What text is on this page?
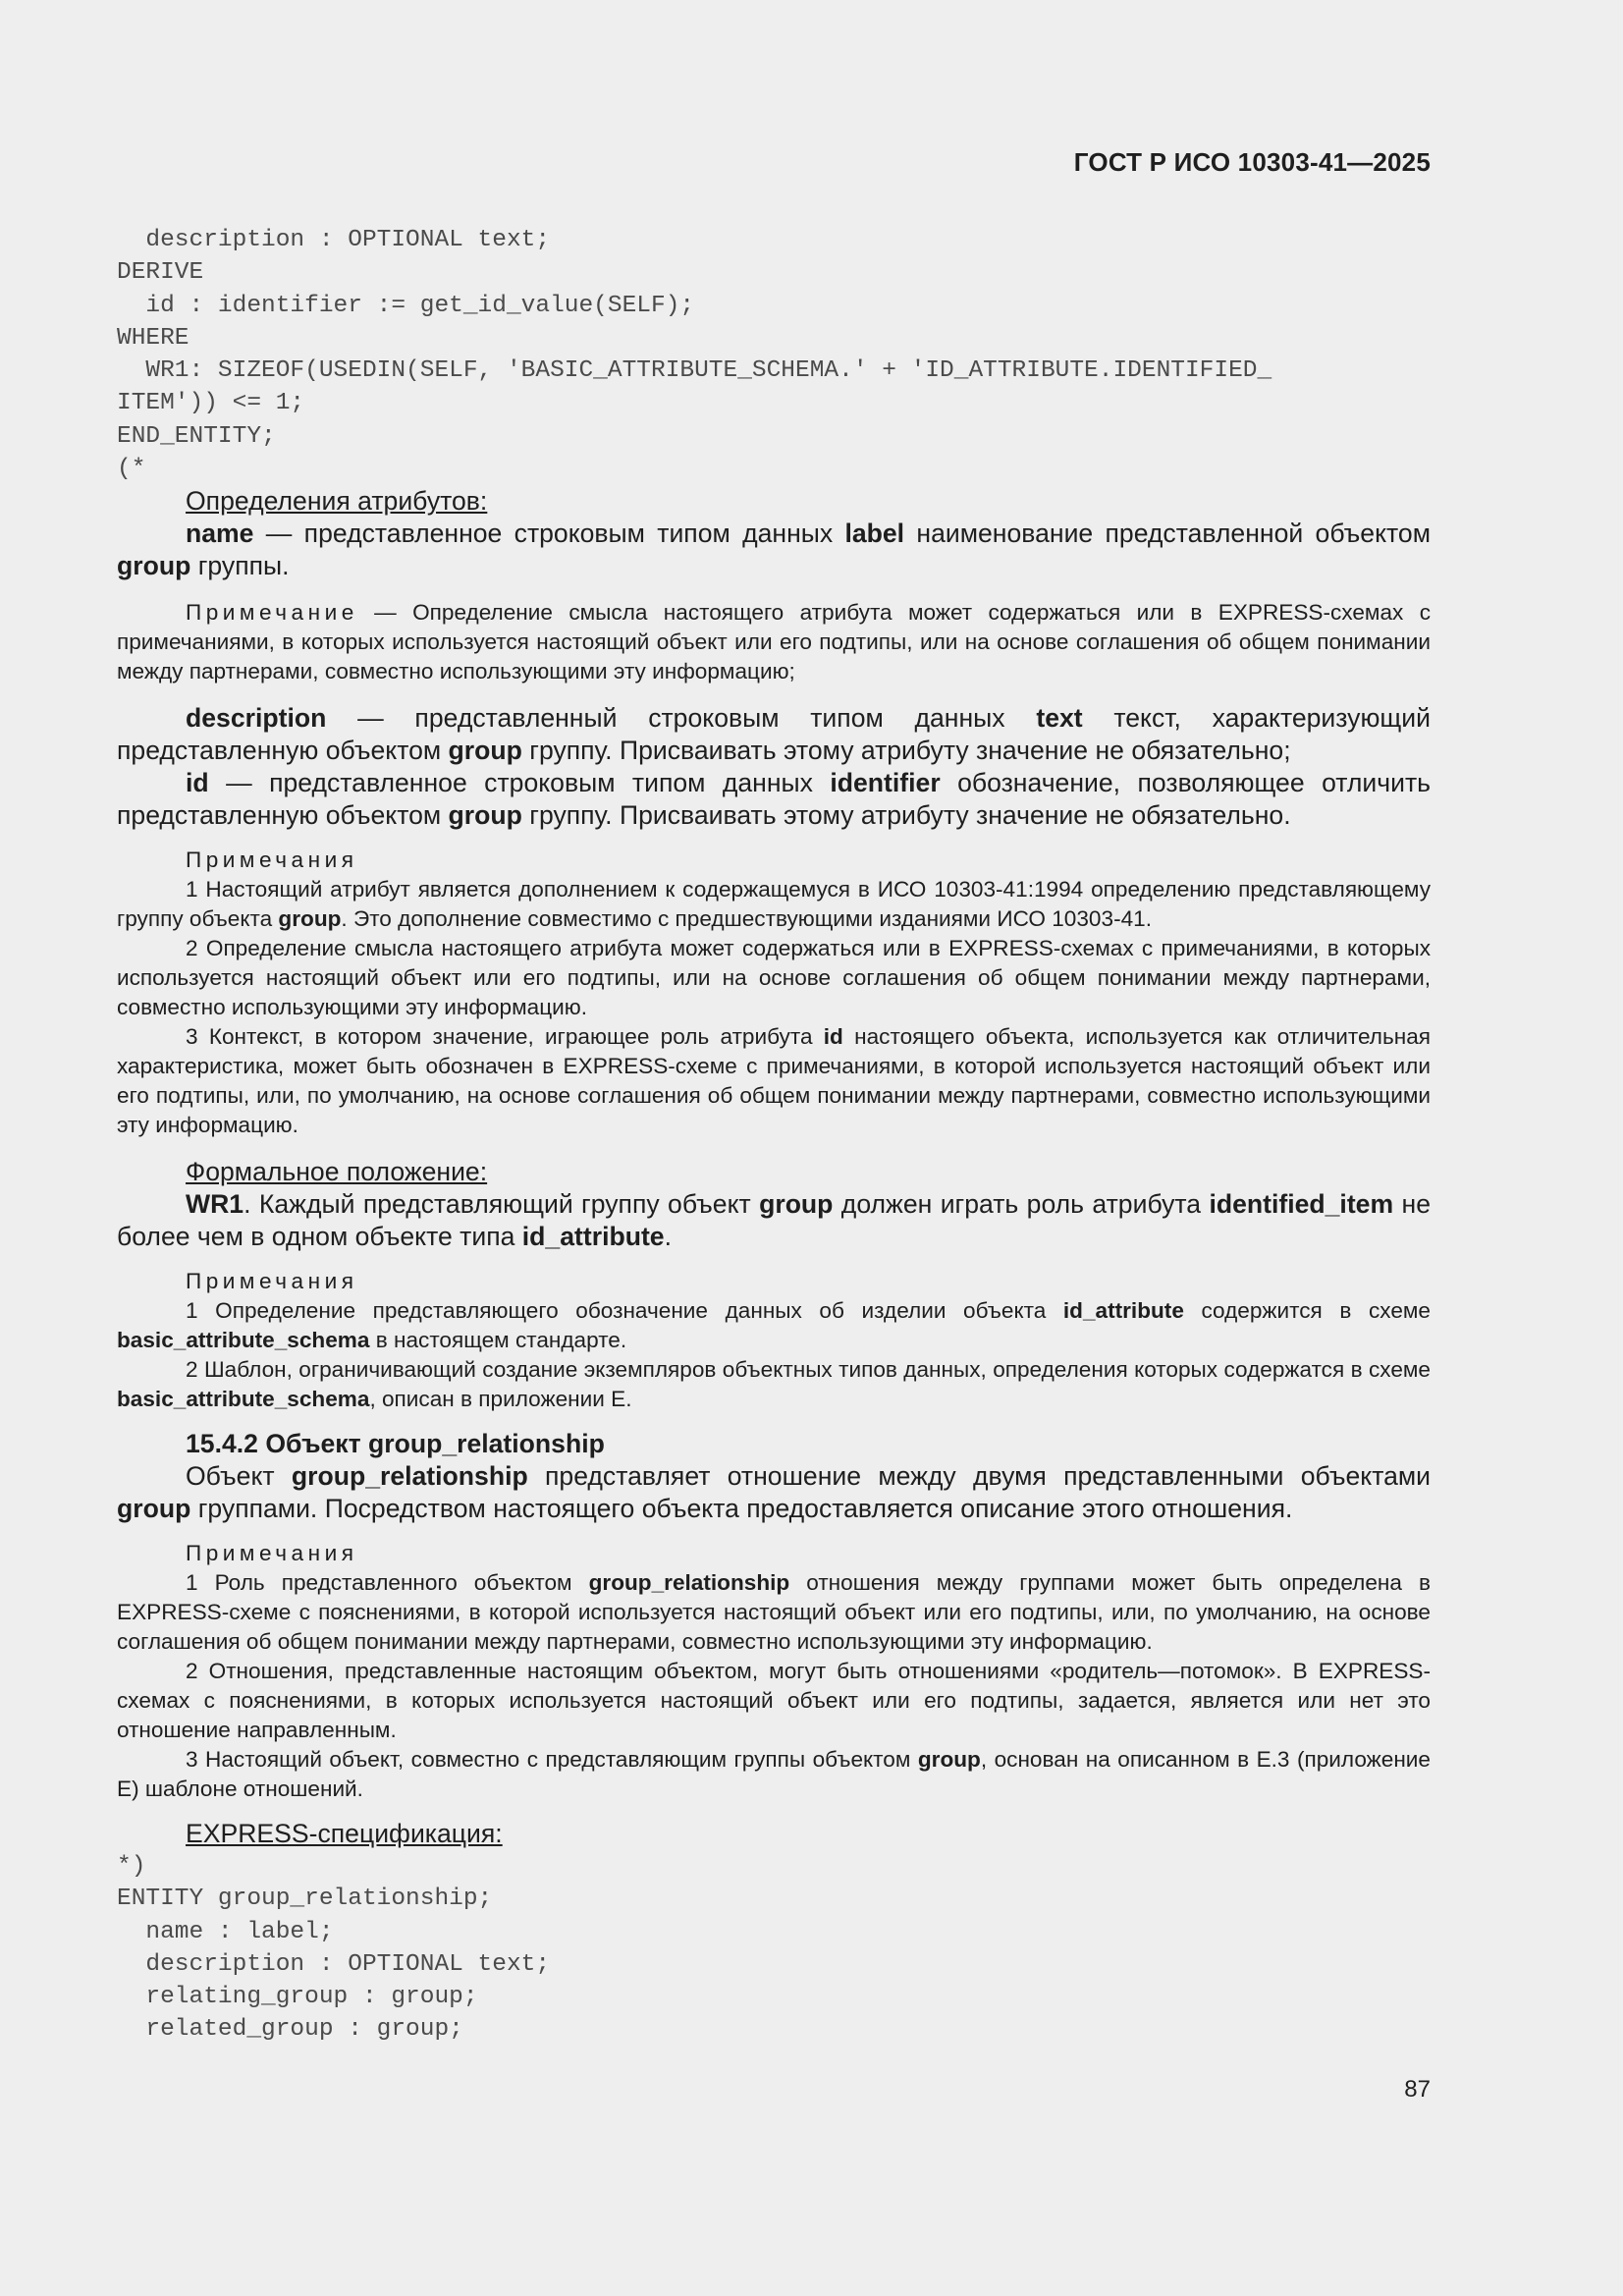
ГОСТ Р ИСО 10303-41—2025
description : OPTIONAL text;
DERIVE
id : identifier := get_id_value(SELF);
WHERE
WR1: SIZEOF(USEDIN(SELF, 'BASIC_ATTRIBUTE_SCHEMA.' + 'ID_ATTRIBUTE.IDENTIFIED_
ITEM')) <= 1;
END_ENTITY;
(*

Определения атрибутов:

name — представленное строковым типом данных label наименование представленной объектом group группы.

Примечание — Определение смысла настоящего атрибута может содержаться или в EXPRESS-схемах с примечаниями, в которых используется настоящий объект или его подтипы, или на основе соглашения об общем понимании между партнерами, совместно использующими эту информацию;

description — представленный строковым типом данных text текст, характеризующий представленную объектом group группу. Присваивать этому атрибуту значение не обязательно;

id — представленное строковым типом данных identifier обозначение, позволяющее отличить представленную объектом group группу. Присваивать этому атрибуту значение не обязательно.

Примечания

1 Настоящий атрибут является дополнением к содержащемуся в ИСО 10303-41:1994 определению представляющему группу объекта group. Это дополнение совместимо с предшествующими изданиями ИСО 10303-41.

2 Определение смысла настоящего атрибута может содержаться или в EXPRESS-схемах с примечаниями, в которых используется настоящий объект или его подтипы, или на основе соглашения об общем понимании между партнерами, совместно использующими эту информацию.

3 Контекст, в котором значение, играющее роль атрибута id настоящего объекта, используется как отличительная характеристика, может быть обозначен в EXPRESS-схеме с примечаниями, в которой используется настоящий объект или его подтипы, или, по умолчанию, на основе соглашения об общем понимании между партнерами, совместно использующими эту информацию.

Формальное положение:

WR1. Каждый представляющий группу объект group должен играть роль атрибута identified_item не более чем в одном объекте типа id_attribute.

Примечания

1 Определение представляющего обозначение данных об изделии объекта id_attribute содержится в схеме basic_attribute_schema в настоящем стандарте.

2 Шаблон, ограничивающий создание экземпляров объектных типов данных, определения которых содержатся в схеме basic_attribute_schema, описан в приложении E.

15.4.2 Объект group_relationship

Объект group_relationship представляет отношение между двумя представленными объектами group группами. Посредством настоящего объекта предоставляется описание этого отношения.

Примечания

1 Роль представленного объектом group_relationship отношения между группами может быть определена в EXPRESS-схеме с пояснениями, в которой используется настоящий объект или его подтипы, или, по умолчанию, на основе соглашения об общем понимании между партнерами, совместно использующими эту информацию.

2 Отношения, представленные настоящим объектом, могут быть отношениями «родитель—потомок». В EXPRESS-схемах с пояснениями, в которых используется настоящий объект или его подтипы, задается, является или нет это отношение направленным.

3 Настоящий объект, совместно с представляющим группы объектом group, основан на описанном в E.3 (приложение E) шаблоне отношений.

EXPRESS-спецификация:

*)
ENTITY group_relationship;
name : label;
description : OPTIONAL text;
relating_group : group;
related_group : group;
87
